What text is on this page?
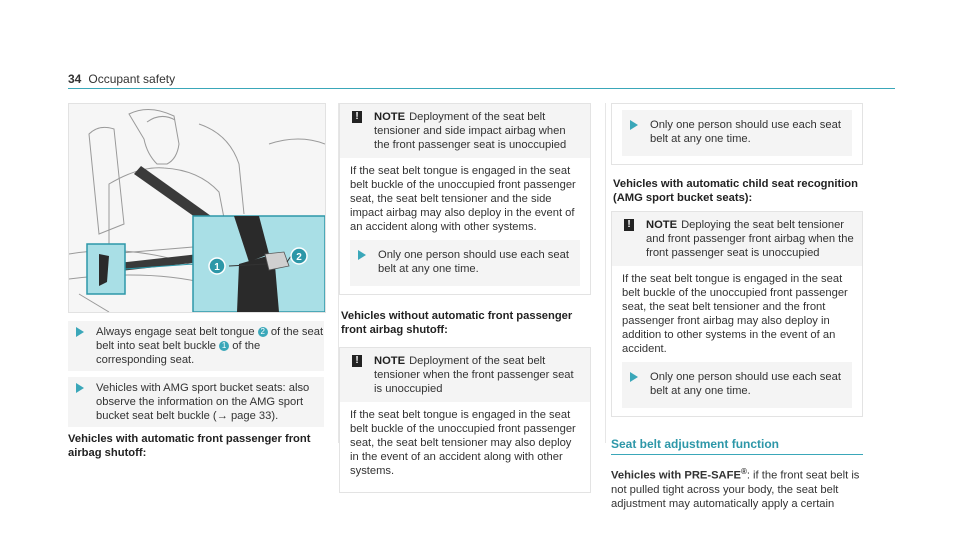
34 Occupant safety
1
2

Always engage seat belt tongue 2 of the seat belt into seat belt buckle 1 of the corresponding seat.

Vehicles with AMG sport bucket seats: also observe the information on the AMG sport bucket seat belt buckle (→ page 33).

Vehicles with automatic front passenger front airbag shutoff:
! NOTE Deployment of the seat belt tensioner and side impact airbag when the front passenger seat is unoccupied

If the seat belt tongue is engaged in the seat belt buckle of the unoccupied front passenger seat, the seat belt tensioner and the side impact airbag may also deploy in the event of an accident along with other systems.

Only one person should use each seat belt at any one time.

Vehicles without automatic front passenger front airbag shutoff:
! NOTE Deployment of the seat belt tensioner when the front passenger seat is unoccupied

If the seat belt tongue is engaged in the seat belt buckle of the unoccupied front passenger seat, the seat belt tensioner may also deploy in the event of an accident along with other systems.

Only one person should use each seat belt at any one time.

Vehicles with automatic child seat recognition (AMG sport bucket seats):
! NOTE Deploying the seat belt tensioner and front passenger front airbag when the front passenger seat is unoccupied

If the seat belt tongue is engaged in the seat belt buckle of the unoccupied front passenger seat, the seat belt tensioner and the front passenger front airbag may also deploy in addition to other systems in the event of an accident.

Only one person should use each seat belt at any one time.

Seat belt adjustment function

Vehicles with PRE-SAFE®: if the front seat belt is not pulled tight across your body, the seat belt adjustment may automatically apply a certain
